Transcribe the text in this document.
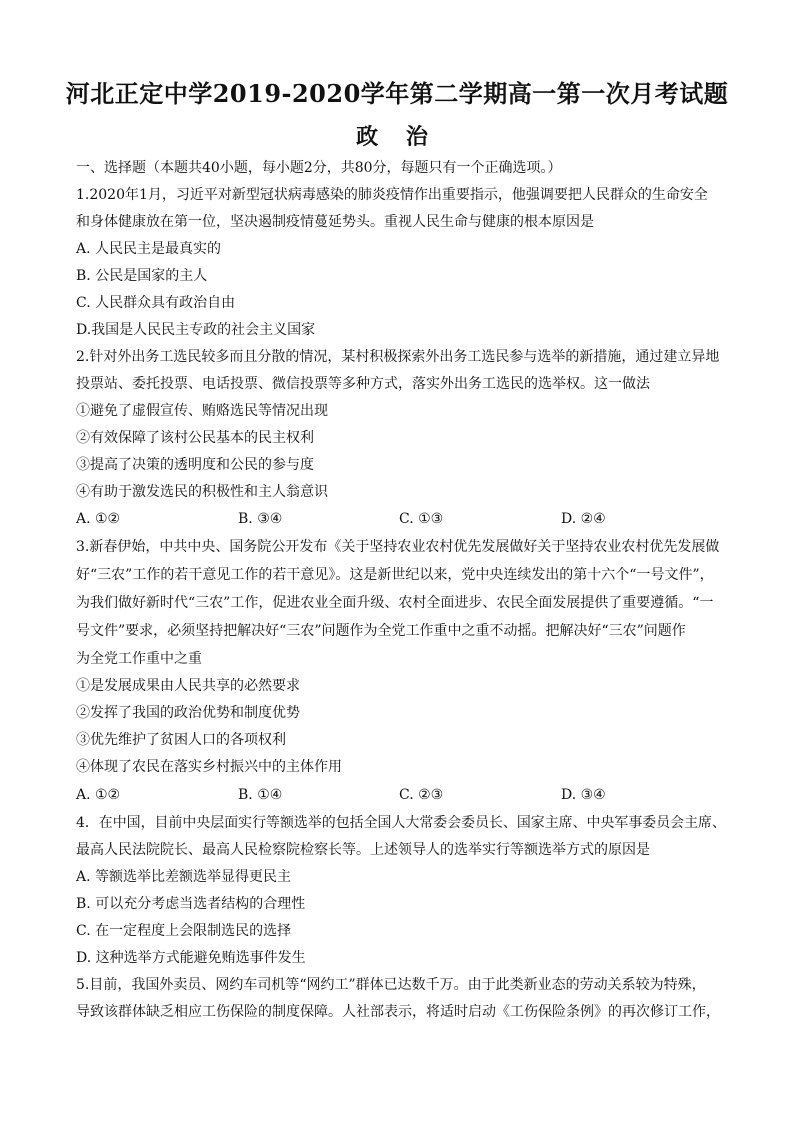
河北正定中学2019-2020学年第二学期高一第一次月考试题
政 治
一、选择题（本题共40小题，每小题2分，共80分，每题只有一个正确选项。）
1.2020年1月，习近平对新型冠状病毒感染的肺炎疫情作出重要指示，他强调要把人民群众的生命安全
和身体健康放在第一位，坚决遏制疫情蔓延势头。重视人民生命与健康的根本原因是
A. 人民民主是最真实的
B. 公民是国家的主人
C. 人民群众具有政治自由
D.我国是人民民主专政的社会主义国家
2.针对外出务工选民较多而且分散的情况，某村积极探索外出务工选民参与选举的新措施，通过建立异地
投票站、委托投票、电话投票、微信投票等多种方式，落实外出务工选民的选举权。这一做法
①避免了虚假宣传、贿赂选民等情况出现
②有效保障了该村公民基本的民主权利
③提高了决策的透明度和公民的参与度
④有助于激发选民的积极性和主人翁意识
A. ①②	B. ③④	C. ①③	D. ②④
3.新春伊始，中共中央、国务院公开发布《关于坚持农业农村优先发展做好关于坚持农业农村优先发展做
好“三农”工作的若干意见工作的若干意见》。这是新世纪以来，党中央连续发出的第十六个“一号文件”，
为我们做好新时代“三农”工作，促进农业全面升级、农村全面进步、农民全面发展提供了重要遵循。“一
号文件”要求，必须坚持把解决好“三农”问题作为全党工作重中之重不动摇。把解决好“三农”问题作
为全党工作重中之重
①是发展成果由人民共享的必然要求
②发挥了我国的政治优势和制度优势
③优先维护了贫困人口的各项权利
④体现了农民在落实乡村振兴中的主体作用
A. ①②	B. ①④	C. ②③	D. ③④
4．在中国，目前中央层面实行等额选举的包括全国人大常委会委员长、国家主席、中央军事委员会主席、
最高人民法院院长、最高人民检察院检察长等。上述领导人的选举实行等额选举方式的原因是
A. 等额选举比差额选举显得更民主
B. 可以充分考虑当选者结构的合理性
C. 在一定程度上会限制选民的选择
D. 这种选举方式能避免贿选事件发生
5.目前，我国外卖员、网约车司机等“网约工”群体已达数千万。由于此类新业态的劳动关系较为特殊，
导致该群体缺乏相应工伤保险的制度保障。人社部表示，将适时启动《工伤保险条例》的再次修订工作，
